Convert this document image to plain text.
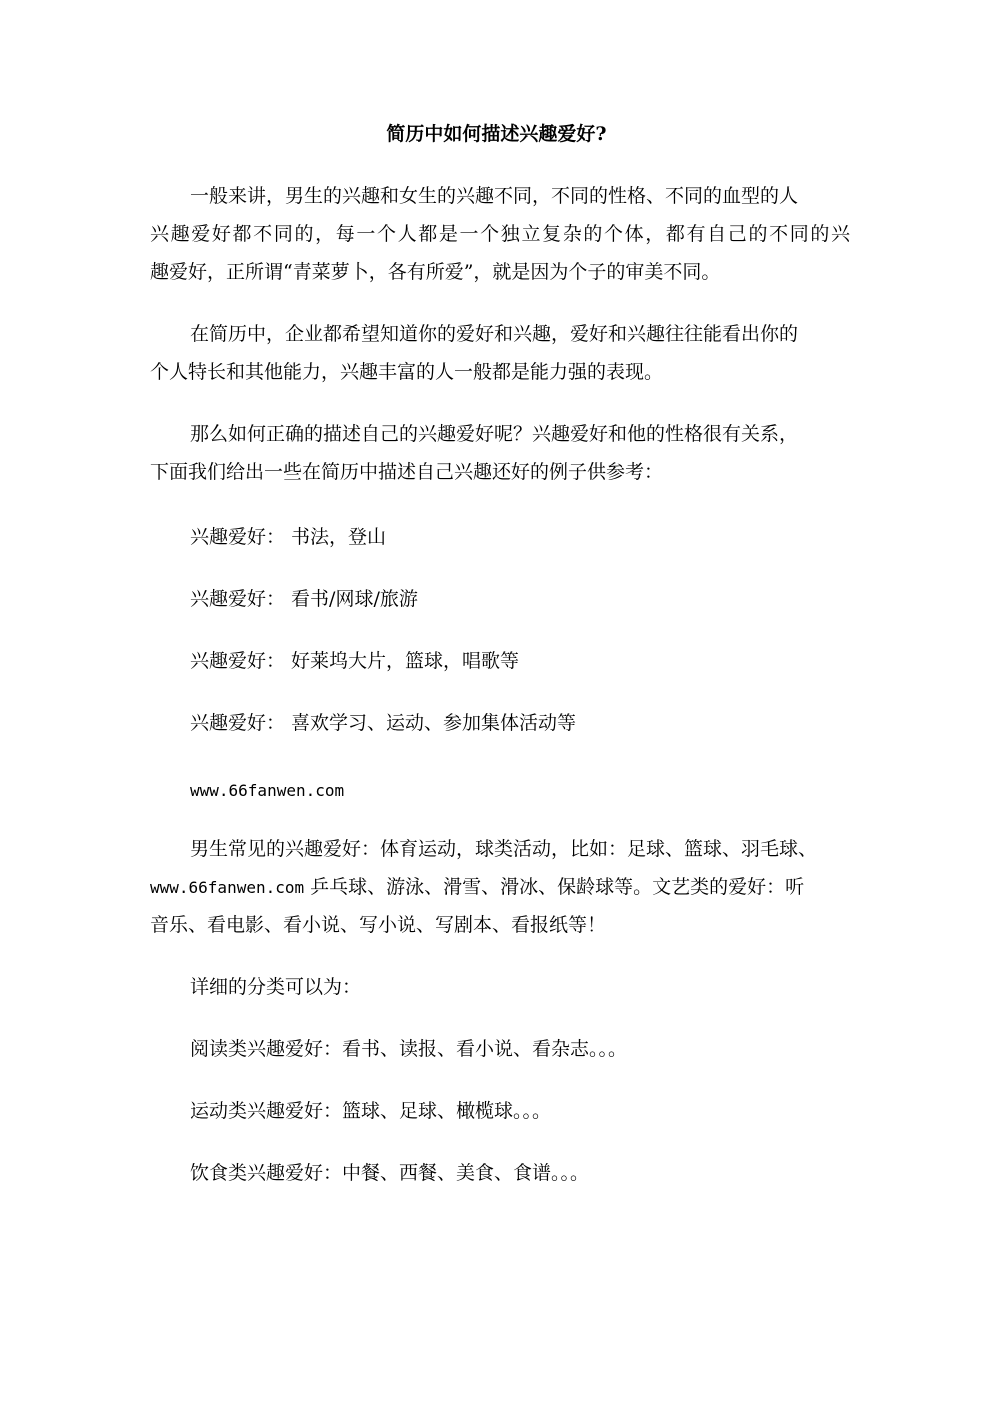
简历中如何描述兴趣爱好?
一般来讲，男生的兴趣和女生的兴趣不同，不同的性格、不同的血型的人
兴趣爱好都不同的，每一个人都是一个独立复杂的个体，都有自己的不同的兴
趣爱好，正所谓“青菜萝卜，各有所爱”，就是因为个子的审美不同。
在简历中，企业都希望知道你的爱好和兴趣，爱好和兴趣往往能看出你的
个人特长和其他能力，兴趣丰富的人一般都是能力强的表现。
那么如何正确的描述自己的兴趣爱好呢？兴趣爱好和他的性格很有关系，
下面我们给出一些在简历中描述自己兴趣还好的例子供参考：
兴趣爱好： 书法，登山
兴趣爱好： 看书/网球/旅游
兴趣爱好： 好莱坞大片，篮球，唱歌等
兴趣爱好： 喜欢学习、运动、参加集体活动等
www.66fanwen.com
男生常见的兴趣爱好：体育运动，球类活动，比如：足球、篮球、羽毛球、
www.66fanwen.com 乒乓球、游泳、滑雪、滑冰、保龄球等。文艺类的爱好：听
音乐、看电影、看小说、写小说、写剧本、看报纸等！
详细的分类可以为：
阅读类兴趣爱好：看书、读报、看小说、看杂志。。。
运动类兴趣爱好：篮球、足球、橄榄球。。。
饮食类兴趣爱好：中餐、西餐、美食、食谱。。。
